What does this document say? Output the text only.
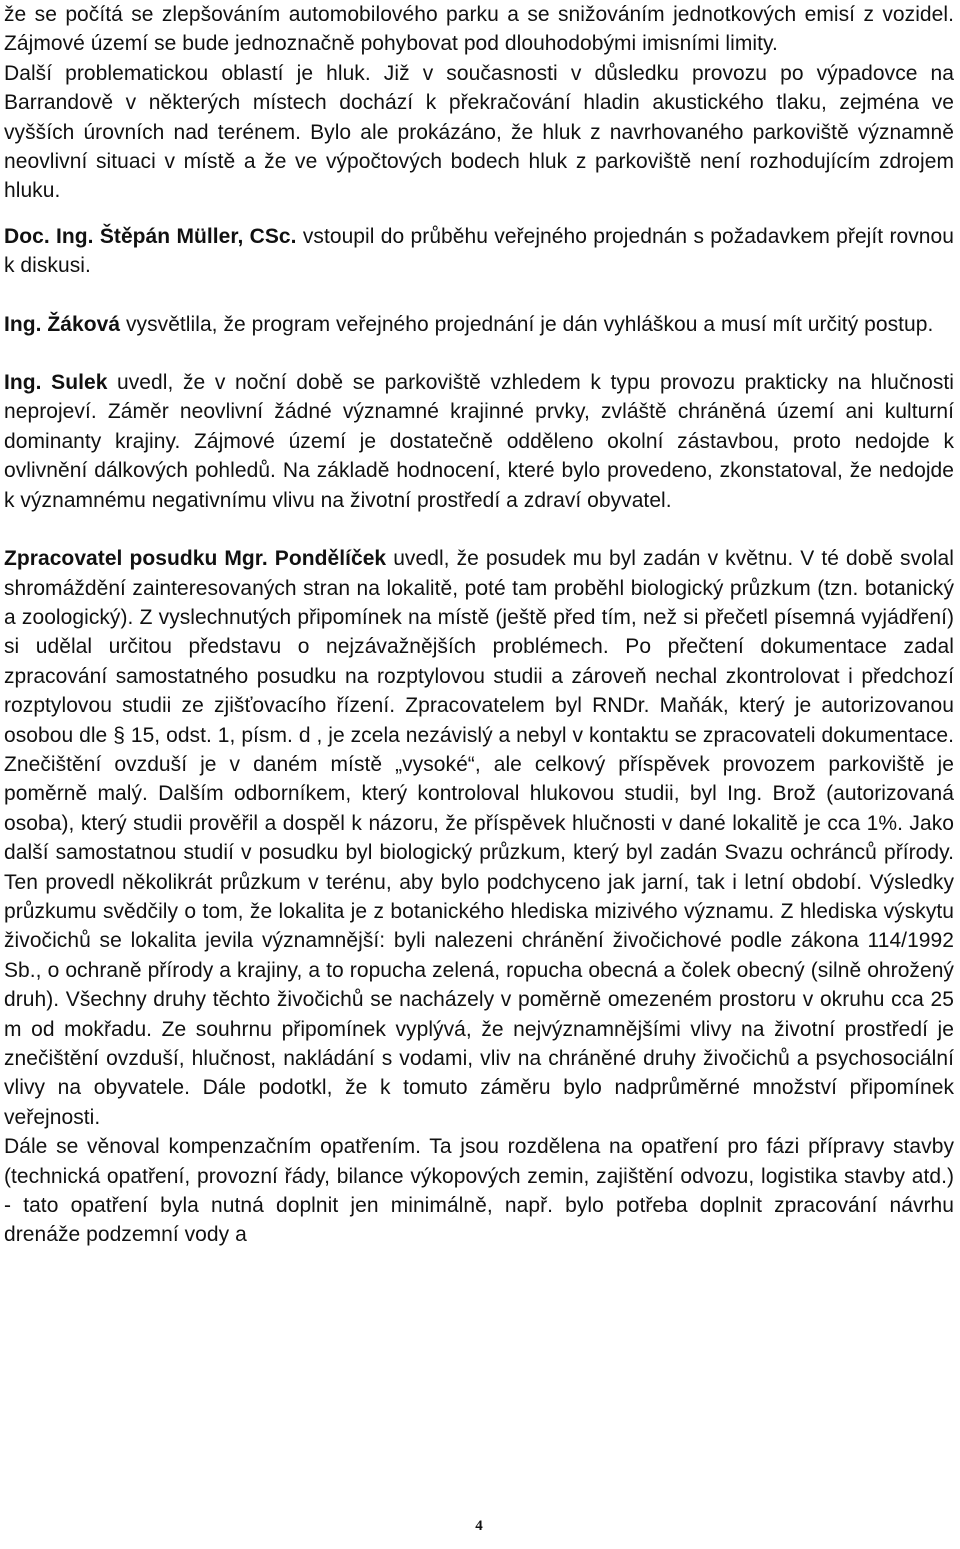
že se počítá se zlepšováním automobilového parku a se snižováním jednotkových emisí z vozidel. Zájmové území se bude jednoznačně pohybovat pod dlouhodobými imisními limity.

Další problematickou oblastí je hluk. Již v současnosti v důsledku provozu po výpadovce na Barrandově v některých místech dochází k překračování hladin akustického tlaku, zejména ve vyšších úrovních nad terénem. Bylo ale prokázáno, že hluk z navrhovaného parkoviště významně neovlivní situaci v místě a že ve výpočtových bodech hluk z parkoviště není rozhodujícím zdrojem hluku.

Doc. Ing. Štěpán Müller, CSc. vstoupil do průběhu veřejného projednán s požadavkem přejít rovnou k diskusi.

Ing. Žáková vysvětlila, že program veřejného projednání je dán vyhláškou a musí mít určitý postup.

Ing. Sulek uvedl, že v noční době se parkoviště vzhledem k typu provozu prakticky na hlučnosti neprojeví. Záměr neovlivní žádné významné krajinné prvky, zvláště chráněná území ani kulturní dominanty krajiny. Zájmové území je dostatečně odděleno okolní zástavbou, proto nedojde k ovlivnění dálkových pohledů. Na základě hodnocení, které bylo provedeno, zkonstatoval, že nedojde k významnému negativnímu vlivu na životní prostředí a zdraví obyvatel.

Zpracovatel posudku Mgr. Pondělíček uvedl, že posudek mu byl zadán v květnu. V té době svolal shromáždění zainteresovaných stran na lokalitě, poté tam proběhl biologický průzkum (tzn. botanický a zoologický). Z vyslechnutých připomínek na místě (ještě před tím, než si přečetl písemná vyjádření) si udělal určitou představu o nejzávažnějších problémech. Po přečtení dokumentace zadal zpracování samostatného posudku na rozptylovou studii a zároveň nechal zkontrolovat i předchozí rozptylovou studii ze zjišťovacího řízení. Zpracovatelem byl RNDr. Maňák, který je autorizovanou osobou dle § 15, odst. 1, písm. d , je zcela nezávislý a nebyl v kontaktu se zpracovateli dokumentace. Znečištění ovzduší je v daném místě „vysoké“, ale celkový příspěvek provozem parkoviště je poměrně malý. Dalším odborníkem, který kontroloval hlukovou studii, byl Ing. Brož (autorizovaná osoba), který studii prověřil a dospěl k názoru, že příspěvek hlučnosti v dané lokalitě je cca 1%. Jako další samostatnou studií v posudku byl biologický průzkum, který byl zadán Svazu ochránců přírody. Ten provedl několikrát průzkum v terénu, aby bylo podchyceno jak jarní, tak i letní období. Výsledky průzkumu svědčily o tom, že lokalita je z botanického hlediska mizivého významu. Z hlediska výskytu živočichů se lokalita jevila významnější: byli nalezeni chránění živočichové podle zákona 114/1992 Sb., o ochraně přírody a krajiny, a to ropucha zelená, ropucha obecná a čolek obecný (silně ohrožený druh). Všechny druhy těchto živočichů se nacházely v poměrně omezeném prostoru v okruhu cca 25 m od mokřadu. Ze souhrnu připomínek vyplývá, že nejvýznamnějšími vlivy na životní prostředí je znečištění ovzduší, hlučnost, nakládání s vodami, vliv na chráněné druhy živočichů a psychosociální vlivy na obyvatele. Dále podotkl, že k tomuto záměru bylo nadprůměrné množství připomínek veřejnosti.

Dále se věnoval kompenzačním opatřením. Ta jsou rozdělena na opatření pro fázi přípravy stavby (technická opatření, provozní řády, bilance výkopových zemin, zajištění odvozu, logistika stavby atd.) - tato opatření byla nutná doplnit jen minimálně, např. bylo potřeba doplnit zpracování návrhu drenáže podzemní vody a

4
